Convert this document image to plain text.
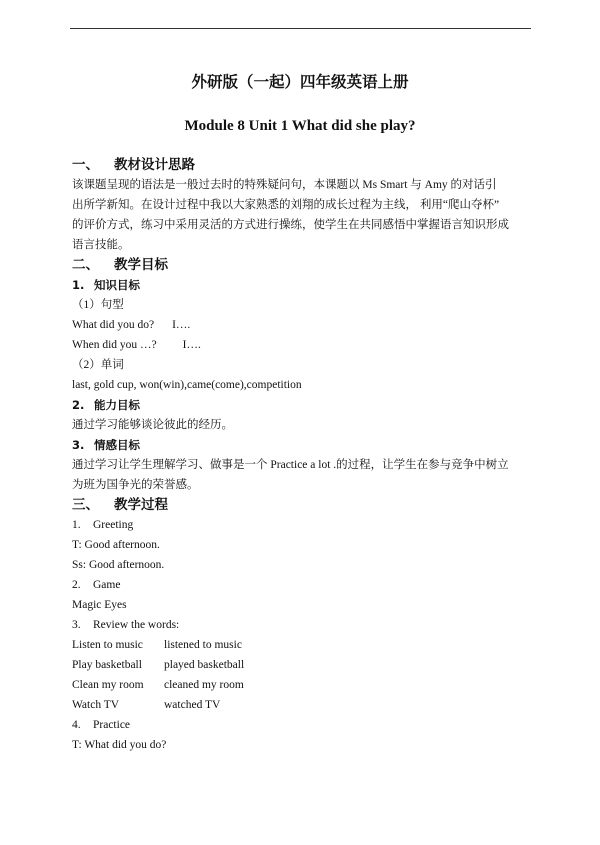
外研版（一起）四年级英语上册
Module 8 Unit 1 What did she play?
一、 教材设计思路
该课题呈现的语法是一般过去时的特殊疑问句，本课题以 Ms Smart 与 Amy 的对话引
出所学新知。在设计过程中我以大家熟悉的刘翔的成长过程为主线， 利用“爬山夺杯”
的评价方式，练习中采用灵活的方式进行操练，使学生在共同感悟中掌握语言知识形成
语言技能。
二、 教学目标
1. 知识目标
（1）句型
What did you do? I….
When did you …? I….
（2）单词
last, gold cup, won(win),came(come),competition
2. 能力目标
通过学习能够谈论彼此的经历。
3. 情感目标
通过学习让学生理解学习、做事是一个 Practice a lot .的过程，让学生在参与竞争中树立
为班为国争光的荣誉感。
三、 教学过程
1. Greeting
T: Good afternoon.
Ss: Good afternoon.
2. Game
Magic Eyes
3. Review the words:
Listen to music listened to music
Play basketball played basketball
Clean my room cleaned my room
Watch TV	watched TV
4. Practice
T: What did you do?
